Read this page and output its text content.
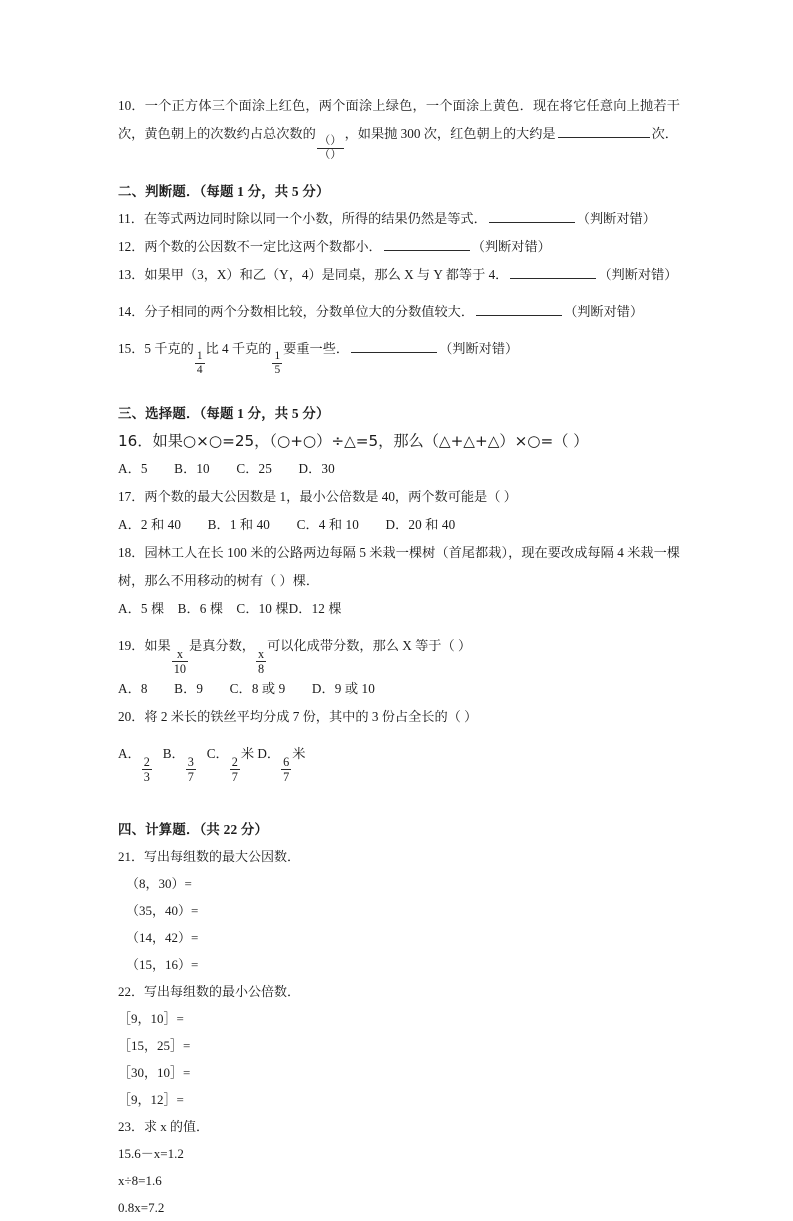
10．一个正方体三个面涂上红色，两个面涂上绿色，一个面涂上黄色．现在将它任意向上抛若干次，黄色朝上的次数约占总次数的
$\frac{()}{()}$
，如果抛 300 次，红色朝上的大约是	次．

二、判断题．（每题 1 分，共 5 分）

11．在等式两边同时除以同一个小数，所得的结果仍然是等式．	（判断对错）

12．两个数的公因数不一定比这两个数都小．	（判断对错）

13．如果甲（3，X）和乙（Y，4）是同桌，那么 X 与 Y 都等于 4．	（判断对错）

14．分子相同的两个分数相比较，分数单位大的分数值较大．	（判断对错）

15．5 千克的
$\frac{1}{4}$
比 4 千克的
$\frac{1}{5}$
要重一些．	（判断对错）

三、选择题．（每题 1 分，共 5 分）

16．如果○×○=25，（○+○）÷△=5，那么（△+△+△）×○=（ ）

A．5　　B．10　　C．25　　D．30

17．两个数的最大公因数是 1，最小公倍数是 40，两个数可能是（ ）

A．2 和 40　　B．1 和 40　　C．4 和 10　　D．20 和 40

18．园林工人在长 100 米的公路两边每隔 5 米栽一棵树（首尾都栽），现在要改成每隔 4 米栽一棵树，那么不用移动的树有（ ）棵．

A．5 棵　B．6 棵　C．10 棵D．12 棵

19．如果
$\frac{x}{10}$
是真分数，
$\frac{x}{8}$
可以化成带分数，那么 X 等于（ ）

A．8　　B．9　　C．8 或 9　　D．9 或 10

20．将 2 米长的铁丝平均分成 7 份，其中的 3 份占全长的（ ）

A．
$\frac{2}{3}$
B．
$\frac{3}{7}$
C．
$\frac{2}{7}$
米 D．
$\frac{6}{7}$
米

四、计算题．（共 22 分）

21．写出每组数的最大公因数．

（8，30）=

（35，40）=

（14，42）=

（15，16）=

22．写出每组数的最小公倍数．

［9，10］=

［15，25］=

［30，10］=

［9，12］=

23．求 x 的值．

15.6－x=1.2

x÷8=1.6

0.8x=7.2
